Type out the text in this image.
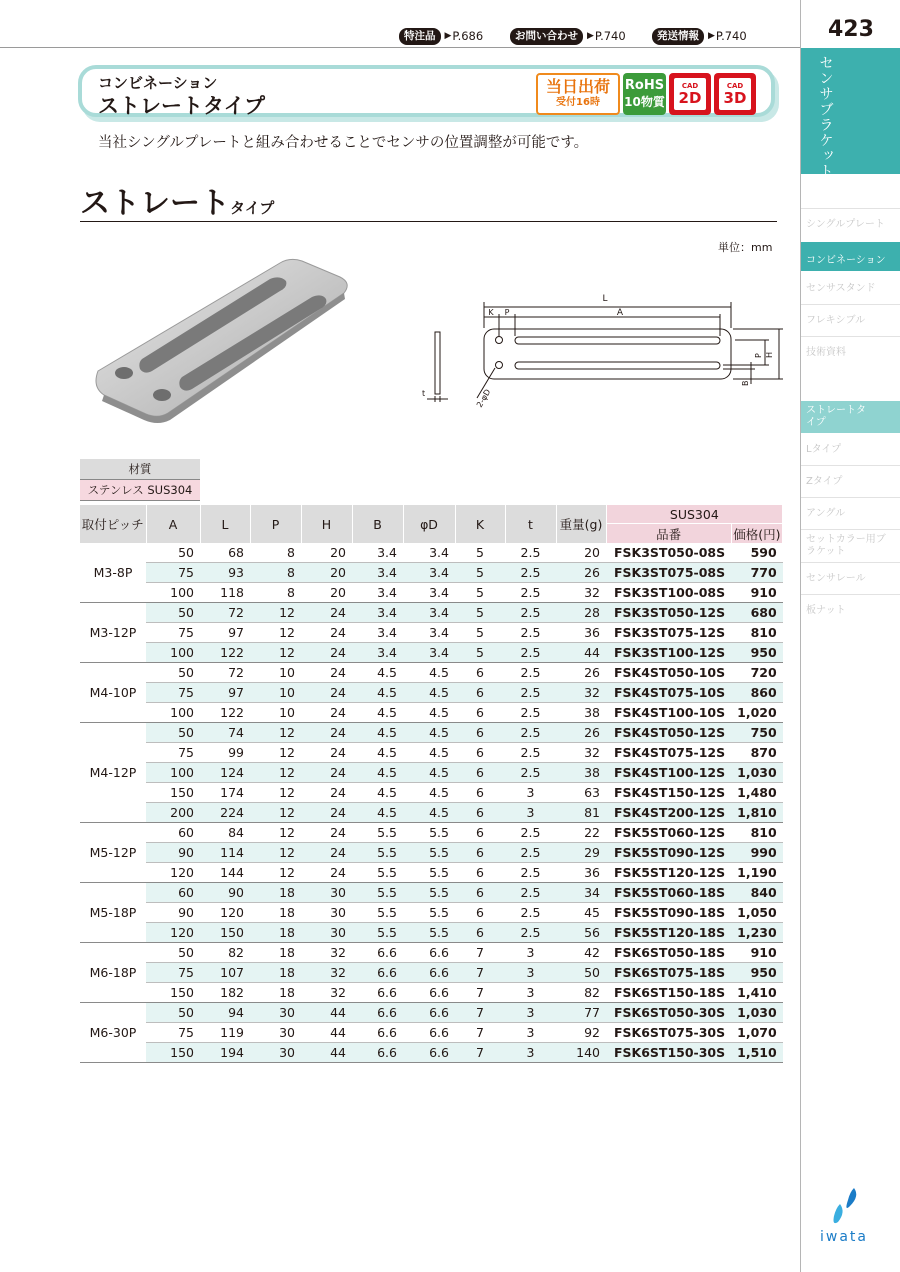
特注品	▶ P.686	お問い合わせ	▶ P.740	発送情報	▶ P.740	423
センサブラケット
シングルプレート
コンビネーション
センサスタンド
フレキシブル
技術資料
ストレートタイプ
Lタイプ
Zタイプ
アングル
セットカラー用ブラケット
センサレール
板ナット
コンビネーション
ストレートタイプ
当日出荷
受付16時
RoHS
10物質
CAD
2D
CAD
3D
当社シングルプレートと組み合わせることでセンサの位置調整が可能です。
ストレートタイプ
単位：mm
L
K P	A
H
P
B
t	2-φD
材質
ステンレス SUS304
取付ピッチ	A	L	P	H	B	φD	K	t	重量(g)	SUS304	
										品番	価格(円)
M3-8P	50	68	8	20	3.4	3.4	5	2.5	20	FSK3ST050-08S	590
	75	93	8	20	3.4	3.4	5	2.5	26	FSK3ST075-08S	770
	100	118	8	20	3.4	3.4	5	2.5	32	FSK3ST100-08S	910
M3-12P	50	72	12	24	3.4	3.4	5	2.5	28	FSK3ST050-12S	680
	75	97	12	24	3.4	3.4	5	2.5	36	FSK3ST075-12S	810
	100	122	12	24	3.4	3.4	5	2.5	44	FSK3ST100-12S	950
M4-10P	50	72	10	24	4.5	4.5	6	2.5	26	FSK4ST050-10S	720
	75	97	10	24	4.5	4.5	6	2.5	32	FSK4ST075-10S	860
	100	122	10	24	4.5	4.5	6	2.5	38	FSK4ST100-10S	1,020
M4-12P	50	74	12	24	4.5	4.5	6	2.5	26	FSK4ST050-12S	750
	75	99	12	24	4.5	4.5	6	2.5	32	FSK4ST075-12S	870
	100	124	12	24	4.5	4.5	6	2.5	38	FSK4ST100-12S	1,030
	150	174	12	24	4.5	4.5	6	3	63	FSK4ST150-12S	1,480
	200	224	12	24	4.5	4.5	6	3	81	FSK4ST200-12S	1,810
M5-12P	60	84	12	24	5.5	5.5	6	2.5	22	FSK5ST060-12S	810
	90	114	12	24	5.5	5.5	6	2.5	29	FSK5ST090-12S	990
	120	144	12	24	5.5	5.5	6	2.5	36	FSK5ST120-12S	1,190
M5-18P	60	90	18	30	5.5	5.5	6	2.5	34	FSK5ST060-18S	840
	90	120	18	30	5.5	5.5	6	2.5	45	FSK5ST090-18S	1,050
	120	150	18	30	5.5	5.5	6	2.5	56	FSK5ST120-18S	1,230
M6-18P	50	82	18	32	6.6	6.6	7	3	42	FSK6ST050-18S	910
	75	107	18	32	6.6	6.6	7	3	50	FSK6ST075-18S	950
	150	182	18	32	6.6	6.6	7	3	82	FSK6ST150-18S	1,410
M6-30P	50	94	30	44	6.6	6.6	7	3	77	FSK6ST050-30S	1,030
	75	119	30	44	6.6	6.6	7	3	92	FSK6ST075-30S	1,070
	150	194	30	44	6.6	6.6	7	3	140	FSK6ST150-30S	1,510
iwata
